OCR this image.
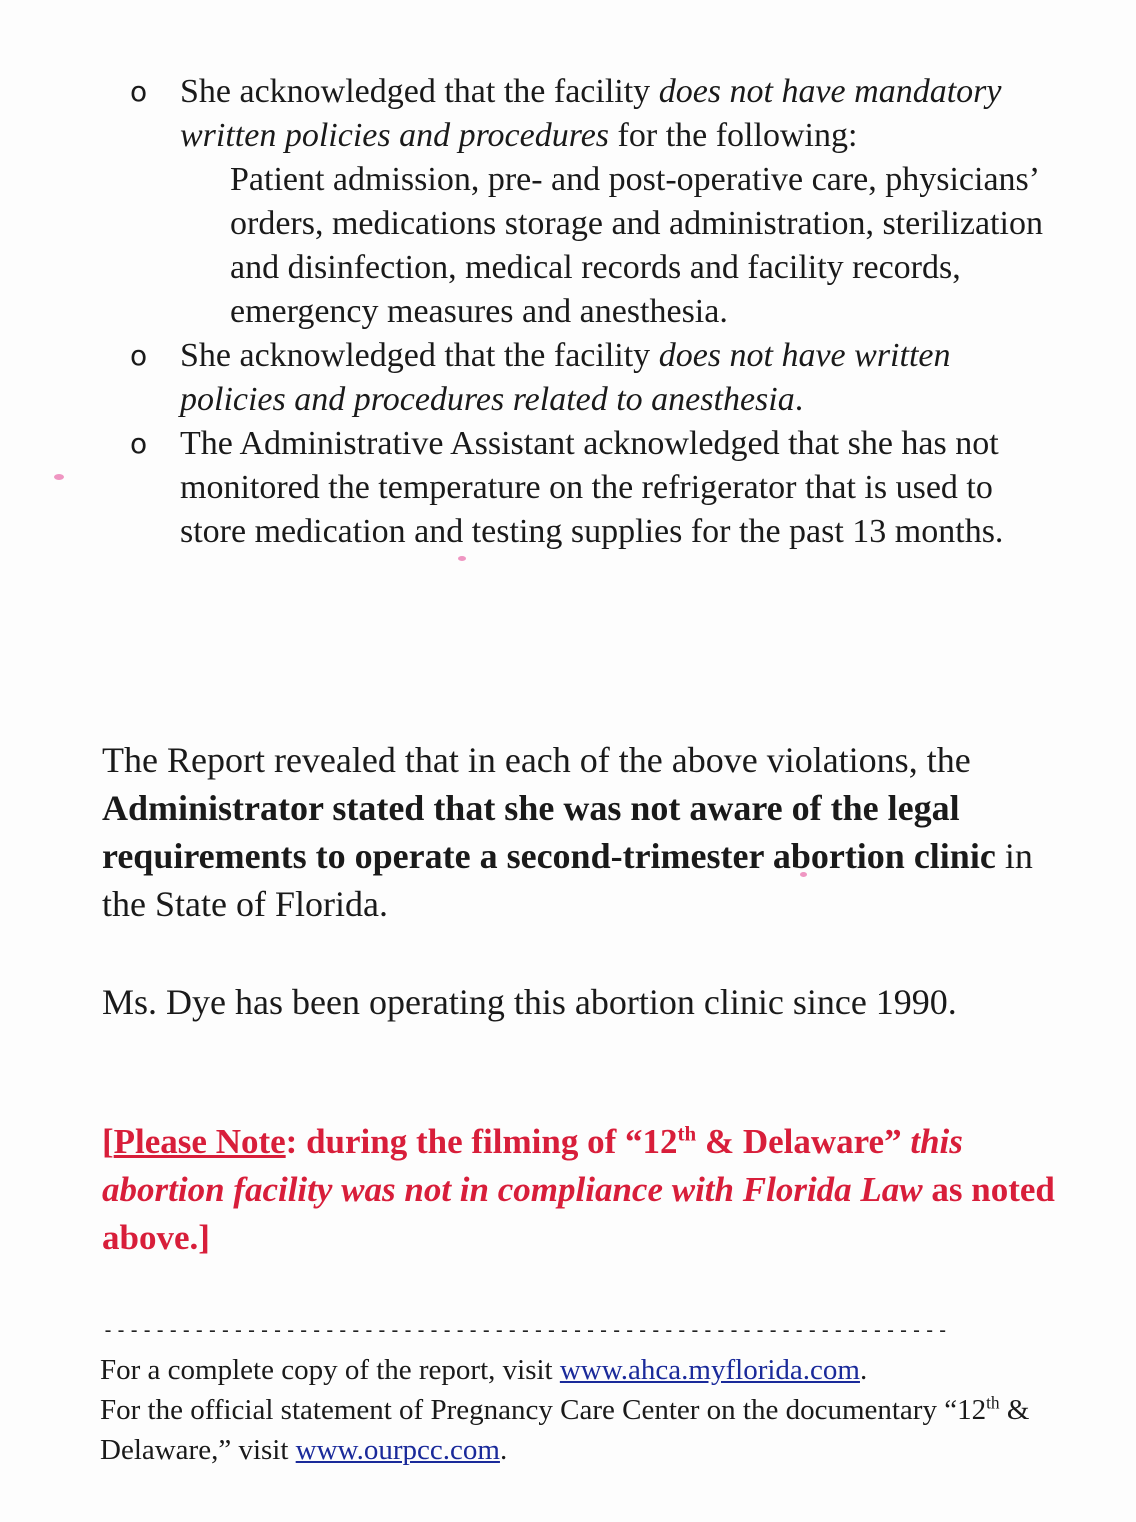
o She acknowledged that the facility does not have mandatory written policies and procedures for the following:
Patient admission, pre- and post-operative care, physicians’ orders, medications storage and administration, sterilization and disinfection, medical records and facility records, emergency measures and anesthesia.
o She acknowledged that the facility does not have written policies and procedures related to anesthesia.
o The Administrative Assistant acknowledged that she has not monitored the temperature on the refrigerator that is used to store medication and testing supplies for the past 13 months.
The Report revealed that in each of the above violations, the Administrator stated that she was not aware of the legal requirements to operate a second-trimester abortion clinic in the State of Florida.
Ms. Dye has been operating this abortion clinic since 1990.
[Please Note: during the filming of “12th & Delaware” this abortion facility was not in compliance with Florida Law as noted above.]
-----------------------------------------------------------------
For a complete copy of the report, visit www.ahca.myflorida.com.
For the official statement of Pregnancy Care Center on the documentary “12th & Delaware,” visit www.ourpcc.com.
